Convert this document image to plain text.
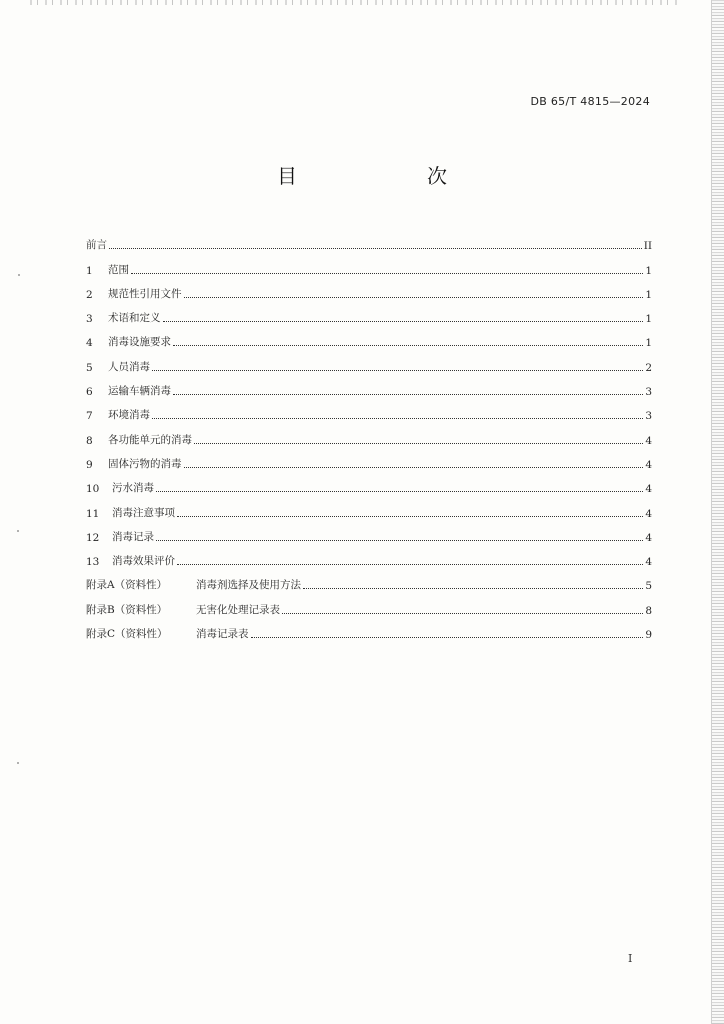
DB 65/T 4815—2024
目　　次
前言	II
1	范围	1
2	规范性引用文件	1
3	术语和定义	1
4	消毒设施要求	1
5	人员消毒	2
6	运输车辆消毒	3
7	环境消毒	3
8	各功能单元的消毒	4
9	固体污物的消毒	4
10	污水消毒	4
11	消毒注意事项	4
12	消毒记录	4
13	消毒效果评价	4
附录A（资料性）	消毒剂选择及使用方法	5
附录B（资料性）	无害化处理记录表	8
附录C（资料性）	消毒记录表	9
I
